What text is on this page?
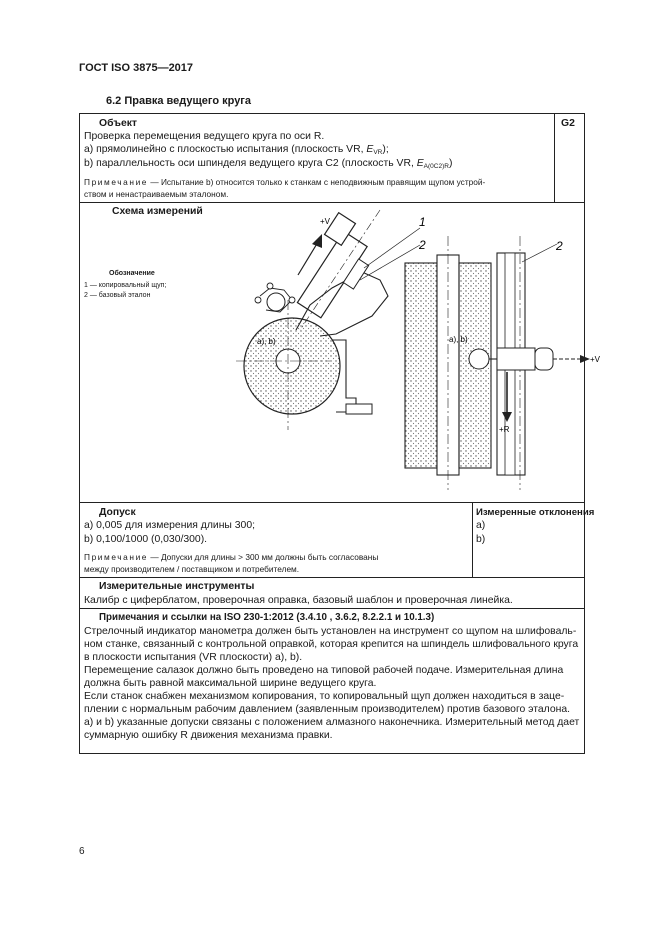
ГОСТ ISO 3875—2017
6.2 Правка ведущего круга
Объект	G2
Проверка перемещения ведущего круга по оси R.
a) прямолинейно с плоскостью испытания (плоскость VR, $E_{VR}$);
b) параллельность оси шпинделя ведущего круга C2 (плоскость VR, $E_{A(0C2)R}$)
Примечание — Испытание b) относится только к станкам с неподвижным правящим щупом устрой-
ством и ненастраиваемым эталоном.
Схема измерений
Обозначение
1 — копировальный щуп;
2 — базовый эталон
+V	1
2
a), b)
+V
+R
2
a), b)
Допуск
a) 0,005 для измерения длины 300;
b) 0,100/1000 (0,030/300).
Примечание — Допуски для длины > 300 мм должны быть согласованы
между производителем / поставщиком и потребителем.
Измеренные отклонения
a)
b)
Измерительные инструменты
Калибр с циферблатом, проверочная оправка, базовый шаблон и проверочная линейка.
Примечания и ссылки на ISO 230-1:2012 (3.4.10 , 3.6.2, 8.2.2.1 и 10.1.3)
Стрелочный индикатор манометра должен быть установлен на инструмент со щупом на шлифоваль-
ном станке, связанный с контрольной оправкой, которая крепится на шпиндель шлифовального круга
в плоскости испытания (VR плоскости) a), b).
Перемещение салазок должно быть проведено на типовой рабочей подаче. Измерительная длина
должна быть равной максимальной ширине ведущего круга.
Если станок снабжен механизмом копирования, то копировальный щуп должен находиться в заце-
плении с нормальным рабочим давлением (заявленным производителем) против базового эталона.
a) и b) указанные допуски связаны с положением алмазного наконечника. Измерительный метод дает
суммарную ошибку R движения механизма правки.
6
